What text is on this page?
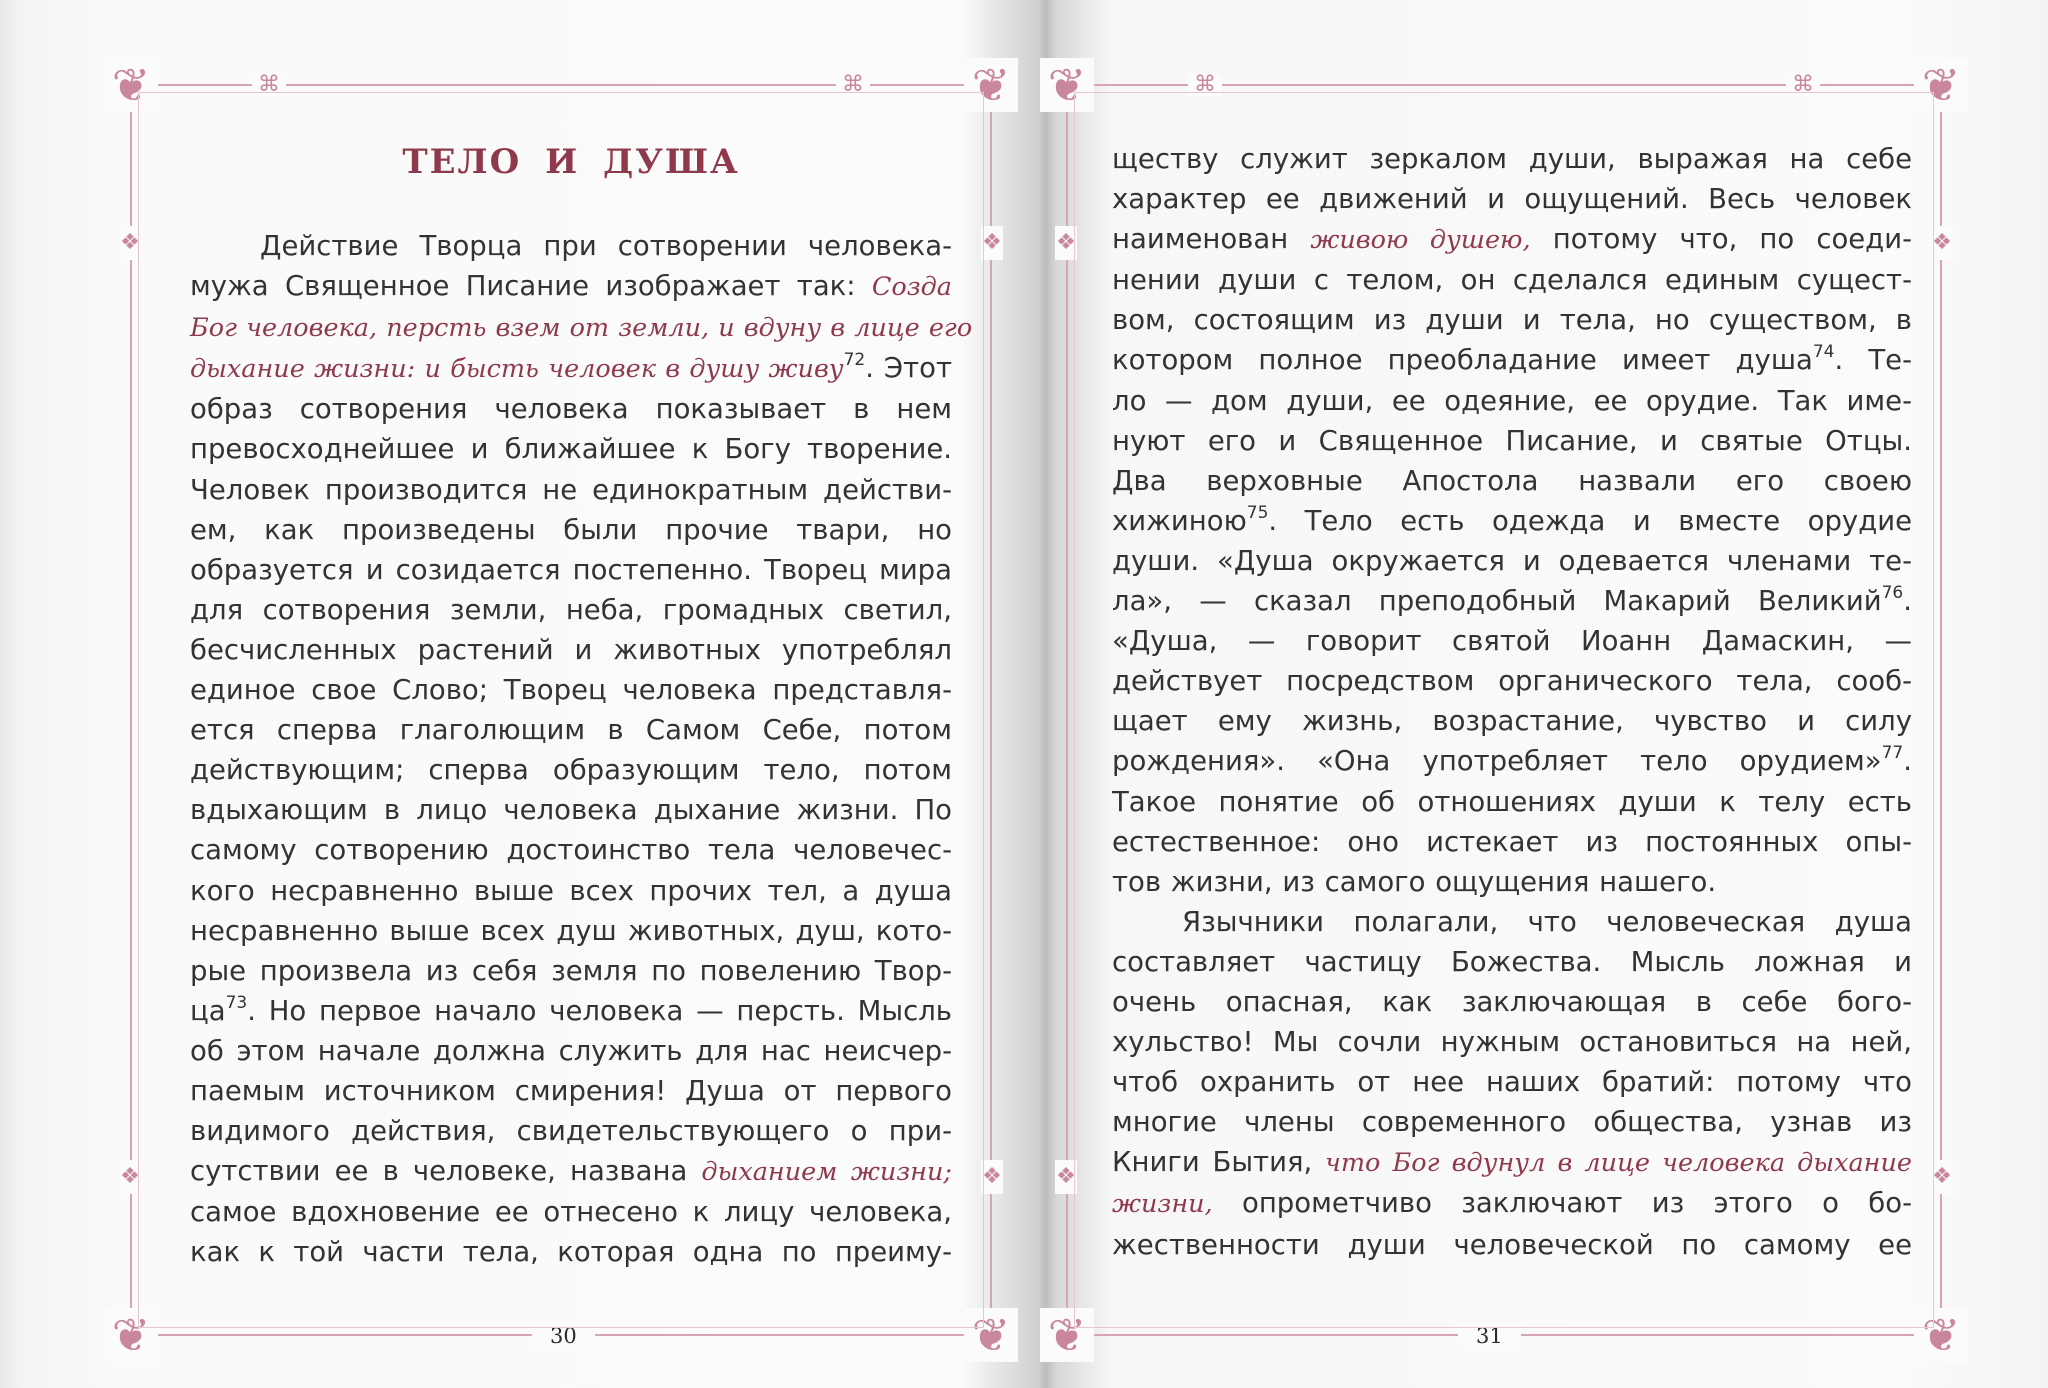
❦	❦
❦	❦
⌘	⌘
❖	❖
❖	❖
30
ТЕЛО И ДУША
Действие Творца при сотворении человека-
мужа Священное Писание изображает так: Созда
Бог человека, персть взем от земли, и вдуну в лице его
дыхание жизни: и бысть человек в душу живу$^{72}$. Этот
образ сотворения человека показывает в нем
превосходнейшее и ближайшее к Богу творение.
Человек производится не единократным действи-
ем, как произведены были прочие твари, но
образуется и созидается постепенно. Творец мира
для сотворения земли, неба, громадных светил,
бесчисленных растений и животных употреблял
единое свое Слово; Творец человека представля-
ется сперва глаголющим в Самом Себе, потом
действующим; сперва образующим тело, потом
вдыхающим в лицо человека дыхание жизни. По
самому сотворению достоинство тела человечес-
кого несравненно выше всех прочих тел, а душа
несравненно выше всех душ животных, душ, кото-
рые произвела из себя земля по повелению Твор-
$ца^{73}$. Но первое начало человека — персть. Мысль
об этом начале должна служить для нас неисчер-
паемым источником смирения! Душа от первого
видимого действия, свидетельствующего о при-
сутствии ее в человеке, названа дыханием жизни;
самое вдохновение ее отнесено к лицу человека,
как к той части тела, которая одна по преиму-
❦	❦
❦	❦
⌘	⌘
❖	❖
❖	❖
31
ществу служит зеркалом души, выражая на себе
характер ее движений и ощущений. Весь человек
наименован живою душею, потому что, по соеди-
нении души с телом, он сделался единым сущест-
вом, состоящим из души и тела, но существом, в
котором полное преобладание имеет душа$^{74}$. Те-
ло — дом души, ее одеяние, ее орудие. Так име-
нуют его и Священное Писание, и святые Отцы.
Два верховные Апостола назвали его своею
хижиною$^{75}$. Тело есть одежда и вместе орудие
души. «Душа окружается и одевается членами те-
ла», — сказал преподобный Макарий Великий$^{76}$.
«Душа, — говорит святой Иоанн Дамаскин, —
действует посредством органического тела, сооб-
щает ему жизнь, возрастание, чувство и силу
рождения». «Она употребляет тело орудием»$^{77}$.
Такое понятие об отношениях души к телу есть
естественное: оно истекает из постоянных опы-
тов жизни, из самого ощущения нашего.
Язычники полагали, что человеческая душа
составляет частицу Божества. Мысль ложная и
очень опасная, как заключающая в себе бого-
хульство! Мы сочли нужным остановиться на ней,
чтоб охранить от нее наших братий: потому что
многие члены современного общества, узнав из
Книги Бытия, что Бог вдунул в лице человека дыхание
жизни, опрометчиво заключают из этого о бо-
жественности души человеческой по самому ее
